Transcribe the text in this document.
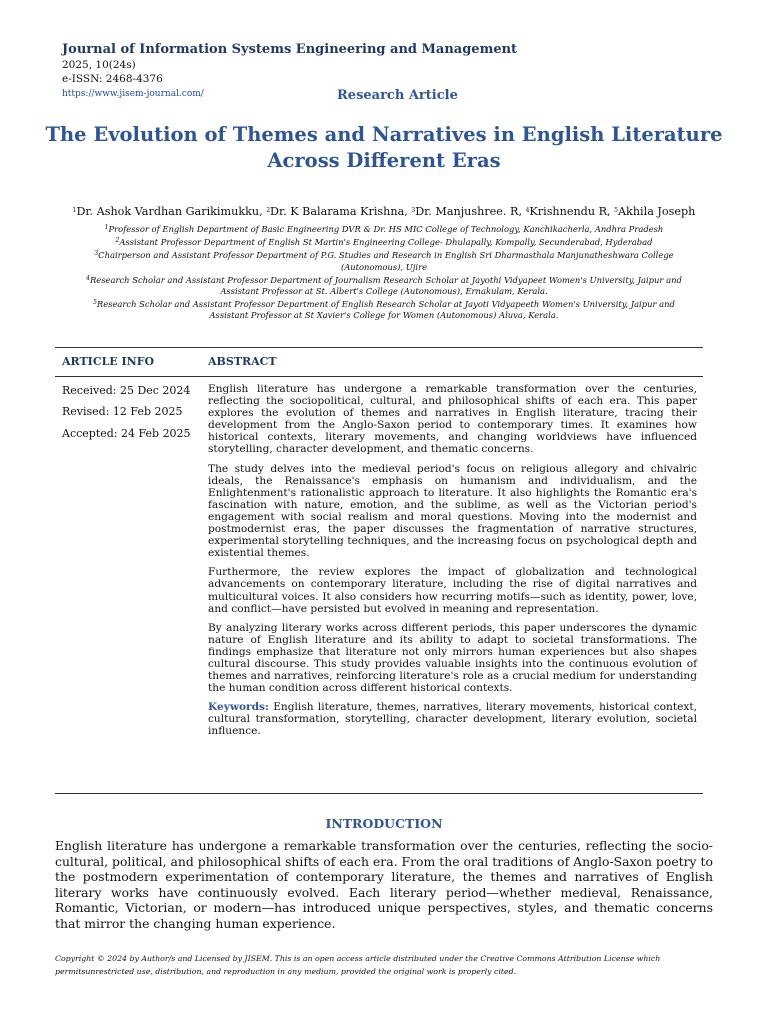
Journal of Information Systems Engineering and Management
2025, 10(24s)
e-ISSN: 2468-4376
https://www.jisem-journal.com/	Research Article
The Evolution of Themes and Narratives in English Literature
Across Different Eras
$^1$Dr. Ashok Vardhan Garikimukku, $^2$Dr. K Balarama Krishna, $^3$Dr. Manjushree. R, $^4$Krishnendu R, $^5$Akhila Joseph
$^1$Professor of English Department of Basic Engineering DVR & Dr. HS MIC College of Technology, Kanchikacherla, Andhra Pradesh
$^2$Assistant Professor Department of English St Martin's Engineering College- Dhulapally, Kompally, Secunderabad, Hyderabad
$^3$Chairperson and Assistant Professor Department of P.G. Studies and Research in English Sri Dharmasthala Manjunatheshwara College
(Autonomous), Ujire
$^4$Research Scholar and Assistant Professor Department of Journalism Research Scholar at Jayothi Vidyapeet Women's University, Jaipur and
Assistant Professor at St. Albert's College (Autonomous), Ernakulam, Kerala.
$^5$Research Scholar and Assistant Professor Department of English Research Scholar at Jayoti Vidyapeeth Women's University, Jaipur and
Assistant Professor at St Xavier's College for Women (Autonomous) Aluva, Kerala.
ARTICLE INFO	ABSTRACT
Received: 25 Dec 2024
Revised: 12 Feb 2025
Accepted: 24 Feb 2025

English literature has undergone a remarkable transformation over the centuries, reflecting the sociopolitical, cultural, and philosophical shifts of each era. This paper explores the evolution of themes and narratives in English literature, tracing their development from the Anglo-Saxon period to contemporary times. It examines how historical contexts, literary movements, and changing worldviews have influenced storytelling, character development, and thematic concerns.

The study delves into the medieval period's focus on religious allegory and chivalric ideals, the Renaissance's emphasis on humanism and individualism, and the Enlightenment's rationalistic approach to literature. It also highlights the Romantic era's fascination with nature, emotion, and the sublime, as well as the Victorian period's engagement with social realism and moral questions. Moving into the modernist and postmodernist eras, the paper discusses the fragmentation of narrative structures, experimental storytelling techniques, and the increasing focus on psychological depth and existential themes.

Furthermore, the review explores the impact of globalization and technological advancements on contemporary literature, including the rise of digital narratives and multicultural voices. It also considers how recurring motifs—such as identity, power, love, and conflict—have persisted but evolved in meaning and representation.

By analyzing literary works across different periods, this paper underscores the dynamic nature of English literature and its ability to adapt to societal transformations. The findings emphasize that literature not only mirrors human experiences but also shapes cultural discourse. This study provides valuable insights into the continuous evolution of themes and narratives, reinforcing literature's role as a crucial medium for understanding the human condition across different historical contexts.

Keywords: English literature, themes, narratives, literary movements, historical context, cultural transformation, storytelling, character development, literary evolution, societal influence.

INTRODUCTION

English literature has undergone a remarkable transformation over the centuries, reflecting the socio-cultural, political, and philosophical shifts of each era. From the oral traditions of Anglo-Saxon poetry to the postmodern experimentation of contemporary literature, the themes and narratives of English literary works have continuously evolved. Each literary period—whether medieval, Renaissance, Romantic, Victorian, or modern—has introduced unique perspectives, styles, and thematic concerns that mirror the changing human experience.

Copyright © 2024 by Author/s and Licensed by JISEM. This is an open access article distributed under the Creative Commons Attribution License which
permitsunrestricted use, distribution, and reproduction in any medium, provided the original work is properly cited.
